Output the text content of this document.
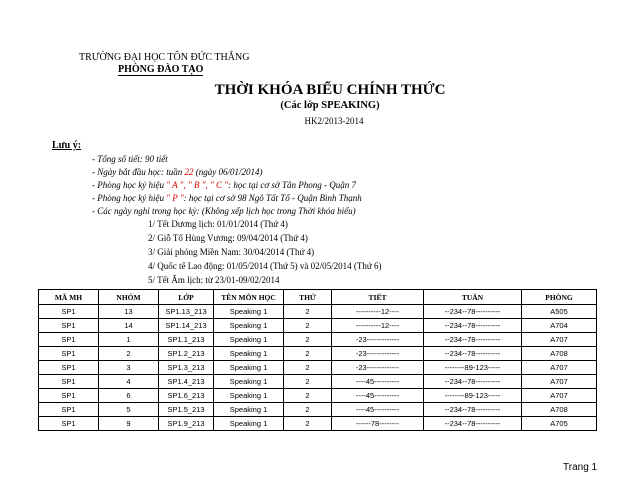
TRƯỜNG ĐẠI HỌC TÔN ĐỨC THẮNG
PHÒNG ĐÀO TẠO
THỜI KHÓA BIỂU CHÍNH THỨC
(Các lớp SPEAKING)
HK2/2013-2014
Lưu ý:
- Tổng số tiết: 90 tiết
- Ngày bắt đầu học: tuần 22 (ngày 06/01/2014)
- Phòng học ký hiệu " A ", " B ", " C ": học tại cơ sở Tân Phong - Quận 7
- Phòng học ký hiệu " P ": học tại cơ sở 98 Ngô Tất Tố - Quận Bình Thạnh
- Các ngày nghỉ trong học kỳ: (Không xếp lịch học trong Thời khóa biểu)
1/ Tết Dương lịch: 01/01/2014 (Thứ 4)
2/ Giỗ Tổ Hùng Vương: 09/04/2014 (Thứ 4)
3/ Giải phóng Miền Nam: 30/04/2014 (Thứ 4)
4/ Quốc tế Lao động: 01/05/2014 (Thứ 5) và 02/05/2014 (Thứ 6)
5/ Tết Âm lịch: từ 23/01-09/02/2014
MÃ MH	NHÓM	LỚP	TÊN MÔN HỌC	THỨ	TIẾT	TUẦN	PHÒNG
SP1	13	SP1.13_213	Speaking 1	2	----------12----	--234--78----------	A505
SP1	14	SP1.14_213	Speaking 1	2	----------12----	--234--78----------	A704
SP1	1	SP1.1_213	Speaking 1	2	-23-------------	--234--78----------	A707
SP1	2	SP1.2_213	Speaking 1	2	-23-------------	--234--78----------	A708
SP1	3	SP1.3_213	Speaking 1	2	-23-------------	--------89-123-----	A707
SP1	4	SP1.4_213	Speaking 1	2	----45----------	--234--78----------	A707
SP1	6	SP1.6_213	Speaking 1	2	----45----------	--------89-123-----	A707
SP1	5	SP1.5_213	Speaking 1	2	----45----------	--234--78----------	A708
SP1	9	SP1.9_213	Speaking 1	2	------78--------	--234--78----------	A705
Trang 1
